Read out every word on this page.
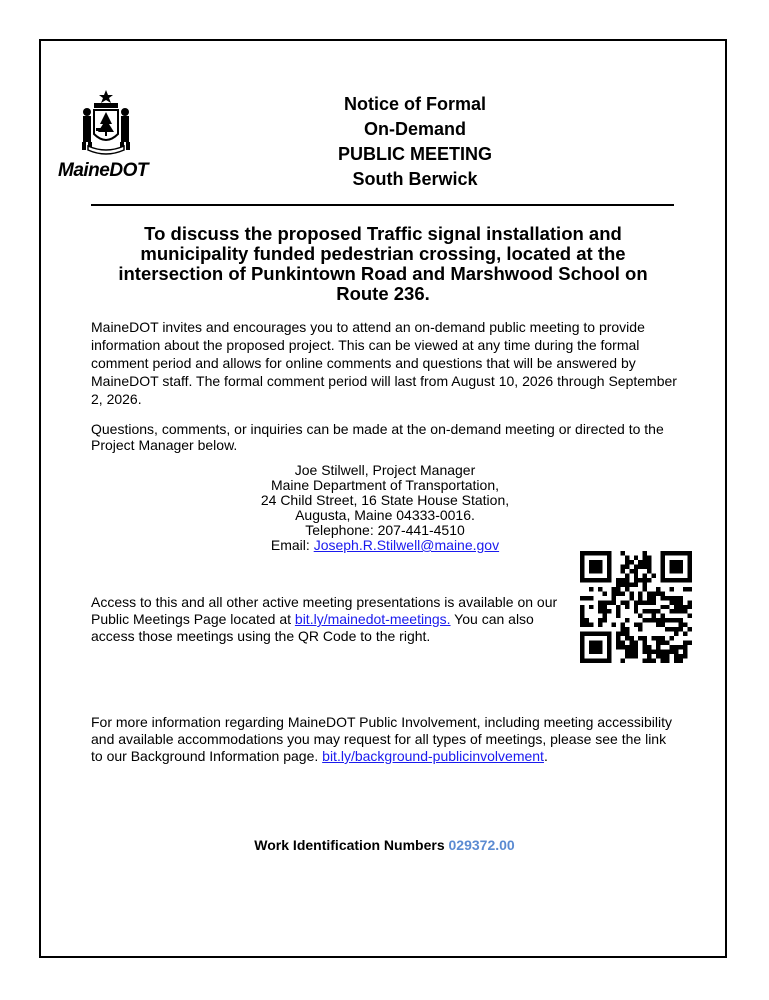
MaineDOT
Notice of Formal
On-Demand
PUBLIC MEETING
South Berwick
To discuss the proposed Traffic signal installation and municipality funded pedestrian crossing, located at the intersection of Punkintown Road and Marshwood School on Route 236.
MaineDOT invites and encourages you to attend an on-demand public meeting to provide information about the proposed project. This can be viewed at any time during the formal comment period and allows for online comments and questions that will be answered by MaineDOT staff. The formal comment period will last from August 10, 2026 through September 2, 2026.
Questions, comments, or inquiries can be made at the on-demand meeting or directed to the Project Manager below.
Joe Stilwell, Project Manager
Maine Department of Transportation,
24 Child Street, 16 State House Station,
Augusta, Maine 04333-0016.
Telephone: 207-441-4510
Email: Joseph.R.Stilwell@maine.gov
Access to this and all other active meeting presentations is available on our Public Meetings Page located at bit.ly/mainedot-meetings. You can also access those meetings using the QR Code to the right.
For more information regarding MaineDOT Public Involvement, including meeting accessibility and available accommodations you may request for all types of meetings, please see the link to our Background Information page. bit.ly/background-publicinvolvement.
Work Identification Numbers 029372.00
